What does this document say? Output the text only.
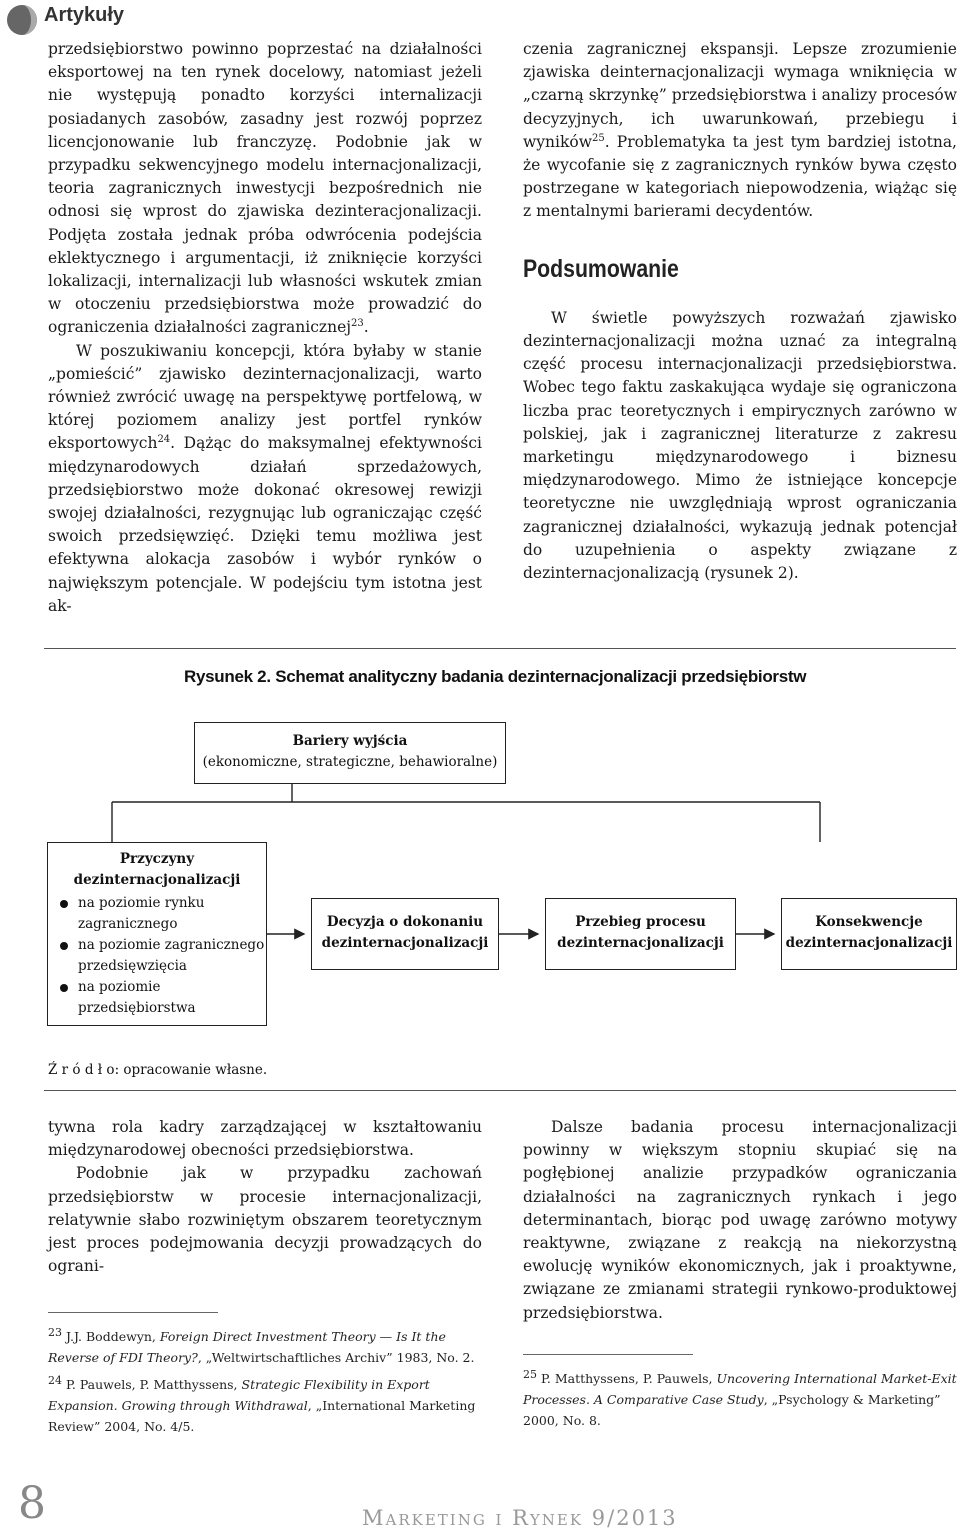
Artykuły

przedsiębiorstwo powinno poprzestać na działalności eksportowej na ten rynek docelowy, natomiast jeżeli nie występują ponadto korzyści internalizacji posiadanych zasobów, zasadny jest rozwój poprzez licencjonowanie lub franczyzę. Podobnie jak w przypadku sekwencyjnego modelu internacjonalizacji, teoria zagranicznych inwestycji bezpośrednich nie odnosi się wprost do zjawiska dezinteracjonalizacji. Podjęta została jednak próba odwrócenia podejścia eklektycznego i argumentacji, iż zniknięcie korzyści lokalizacji, internalizacji lub własności wskutek zmian w otoczeniu przedsiębiorstwa może prowadzić do ograniczenia działalności zagranicznej$^{23}$.

W poszukiwaniu koncepcji, która byłaby w stanie „pomieścić” zjawisko dezinternacjonalizacji, warto również zwrócić uwagę na perspektywę portfelową, w której poziomem analizy jest portfel rynków eksportowych$^{24}$. Dążąc do maksymalnej efektywności międzynarodowych działań sprzedażowych, przedsiębiorstwo może dokonać okresowej rewizji swojej działalności, rezygnując lub ograniczając część swoich przedsięwzięć. Dzięki temu możliwa jest efektywna alokacja zasobów i wybór rynków o największym potencjale. W podejściu tym istotna jest ak-

czenia zagranicznej ekspansji. Lepsze zrozumienie zjawiska deinternacjonalizacji wymaga wniknięcia w „czarną skrzynkę” przedsiębiorstwa i analizy procesów decyzyjnych, ich uwarunkowań, przebiegu i wyników$^{25}$. Problematyka ta jest tym bardziej istotna, że wycofanie się z zagranicznych rynków bywa często postrzegane w kategoriach niepowodzenia, wiążąc się z mentalnymi barierami decydentów.

Podsumowanie

W świetle powyższych rozważań zjawisko dezinternacjonalizacji można uznać za integralną część procesu internacjonalizacji przedsiębiorstwa. Wobec tego faktu zaskakująca wydaje się ograniczona liczba prac teoretycznych i empirycznych zarówno w polskiej, jak i zagranicznej literaturze z zakresu marketingu międzynarodowego i biznesu międzynarodowego. Mimo że istniejące koncepcje teoretyczne nie uwzględniają wprost ograniczania zagranicznej działalności, wykazują jednak potencjał do uzupełnienia o aspekty związane z dezinternacjonalizacją (rysunek 2).

Rysunek 2. Schemat analityczny badania dezinternacjonalizacji przedsiębiorstw
Bariery wyjścia
(ekonomiczne, strategiczne, behawioralne)
Przyczyny
dezinternacjonalizacji
na poziomie rynku
zagranicznego
na poziomie zagranicznego
przedsięwzięcia
na poziomie
przedsiębiorstwa
Decyzja o dokonaniu
dezinternacjonalizacji
Przebieg procesu
dezinternacjonalizacji
Konsekwencje
dezinternacjonalizacji
Ź r ó d ł o: opracowanie własne.

tywna rola kadry zarządzającej w kształtowaniu międzynarodowej obecności przedsiębiorstwa.

Podobnie jak w przypadku zachowań przedsiębiorstw w procesie internacjonalizacji, relatywnie słabo rozwiniętym obszarem teoretycznym jest proces podejmowania decyzji prowadzących do ograni-

Dalsze badania procesu internacjonalizacji powinny w większym stopniu skupiać się na pogłębionej analizie przypadków ograniczania działalności na zagranicznych rynkach i jego determinantach, biorąc pod uwagę zarówno motywy reaktywne, związane z reakcją na niekorzystną ewolucję wyników ekonomicznych, jak i proaktywne, związane ze zmianami strategii rynkowo-produktowej przedsiębiorstwa.

23 J.J. Boddewyn, Foreign Direct Investment Theory — Is It the Reverse of FDI Theory?, „Weltwirtschaftliches Archiv” 1983, No. 2.

24 P. Pauwels, P. Matthyssens, Strategic Flexibility in Export Expansion. Growing through Withdrawal, „International Marketing Review” 2004, No. 4/5.

25 P. Matthyssens, P. Pauwels, Uncovering International Market-Exit Processes. A Comparative Case Study, „Psychology & Marketing” 2000, No. 8.

8	Marketing i Rynek 9/2013
